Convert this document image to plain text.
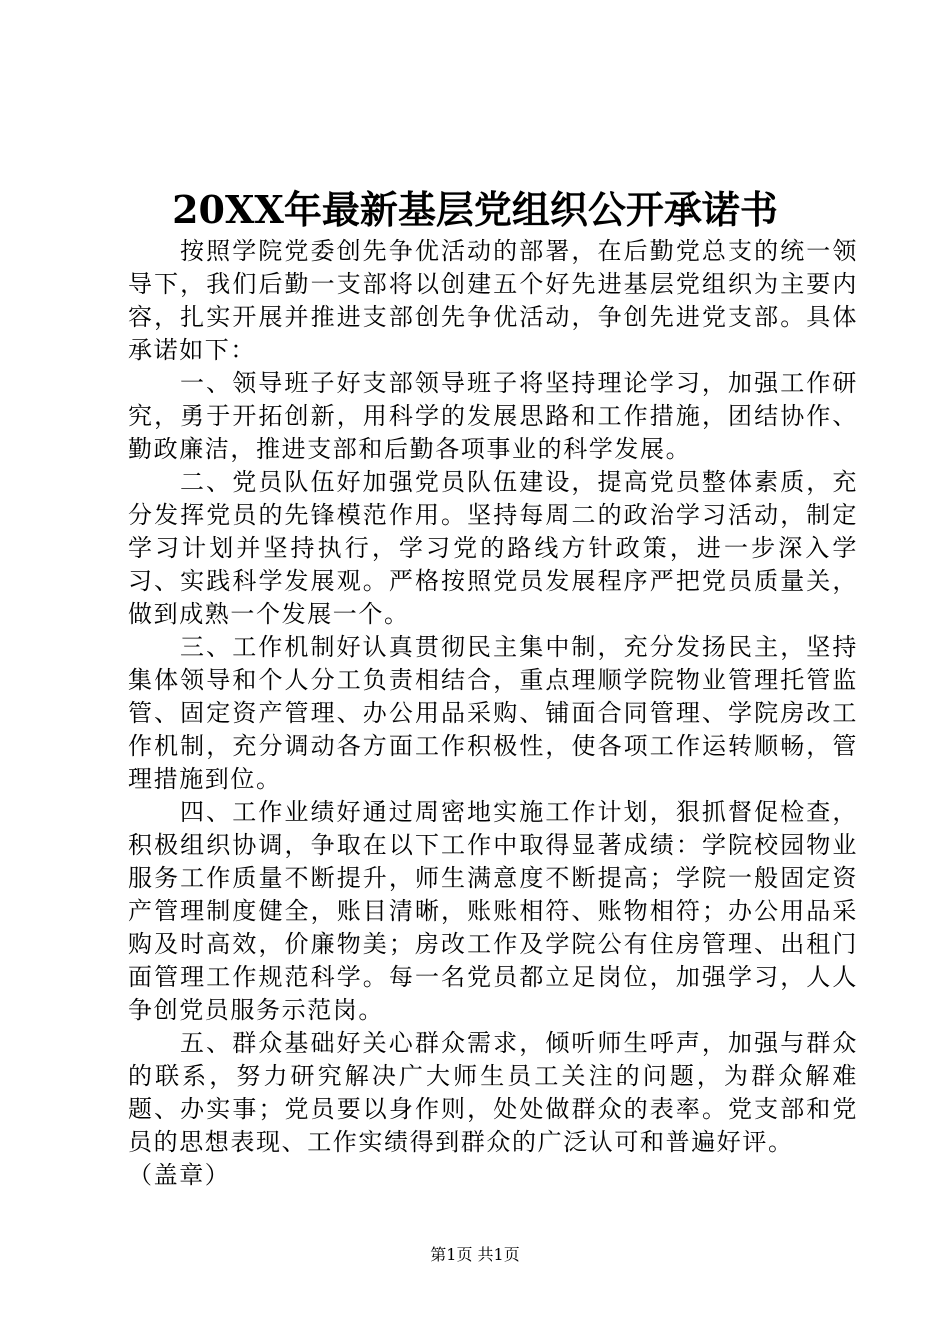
20XX年最新基层党组织公开承诺书

按照学院党委创先争优活动的部署，在后勤党总支的统一领导下，我们后勤一支部将以创建五个好先进基层党组织为主要内容，扎实开展并推进支部创先争优活动，争创先进党支部。具体承诺如下：

一、领导班子好支部领导班子将坚持理论学习，加强工作研究，勇于开拓创新，用科学的发展思路和工作措施，团结协作、勤政廉洁，推进支部和后勤各项事业的科学发展。

二、党员队伍好加强党员队伍建设，提高党员整体素质，充分发挥党员的先锋模范作用。坚持每周二的政治学习活动，制定学习计划并坚持执行，学习党的路线方针政策，进一步深入学习、实践科学发展观。严格按照党员发展程序严把党员质量关，做到成熟一个发展一个。

三、工作机制好认真贯彻民主集中制，充分发扬民主，坚持集体领导和个人分工负责相结合，重点理顺学院物业管理托管监管、固定资产管理、办公用品采购、铺面合同管理、学院房改工作机制，充分调动各方面工作积极性，使各项工作运转顺畅，管理措施到位。

四、工作业绩好通过周密地实施工作计划，狠抓督促检查，积极组织协调，争取在以下工作中取得显著成绩：学院校园物业服务工作质量不断提升，师生满意度不断提高；学院一般固定资产管理制度健全，账目清晰，账账相符、账物相符；办公用品采购及时高效，价廉物美；房改工作及学院公有住房管理、出租门面管理工作规范科学。每一名党员都立足岗位，加强学习，人人争创党员服务示范岗。

五、群众基础好关心群众需求，倾听师生呼声，加强与群众的联系，努力研究解决广大师生员工关注的问题，为群众解难题、办实事；党员要以身作则，处处做群众的表率。党支部和党员的思想表现、工作实绩得到群众的广泛认可和普遍好评。

（盖章）

第1页 共1页
